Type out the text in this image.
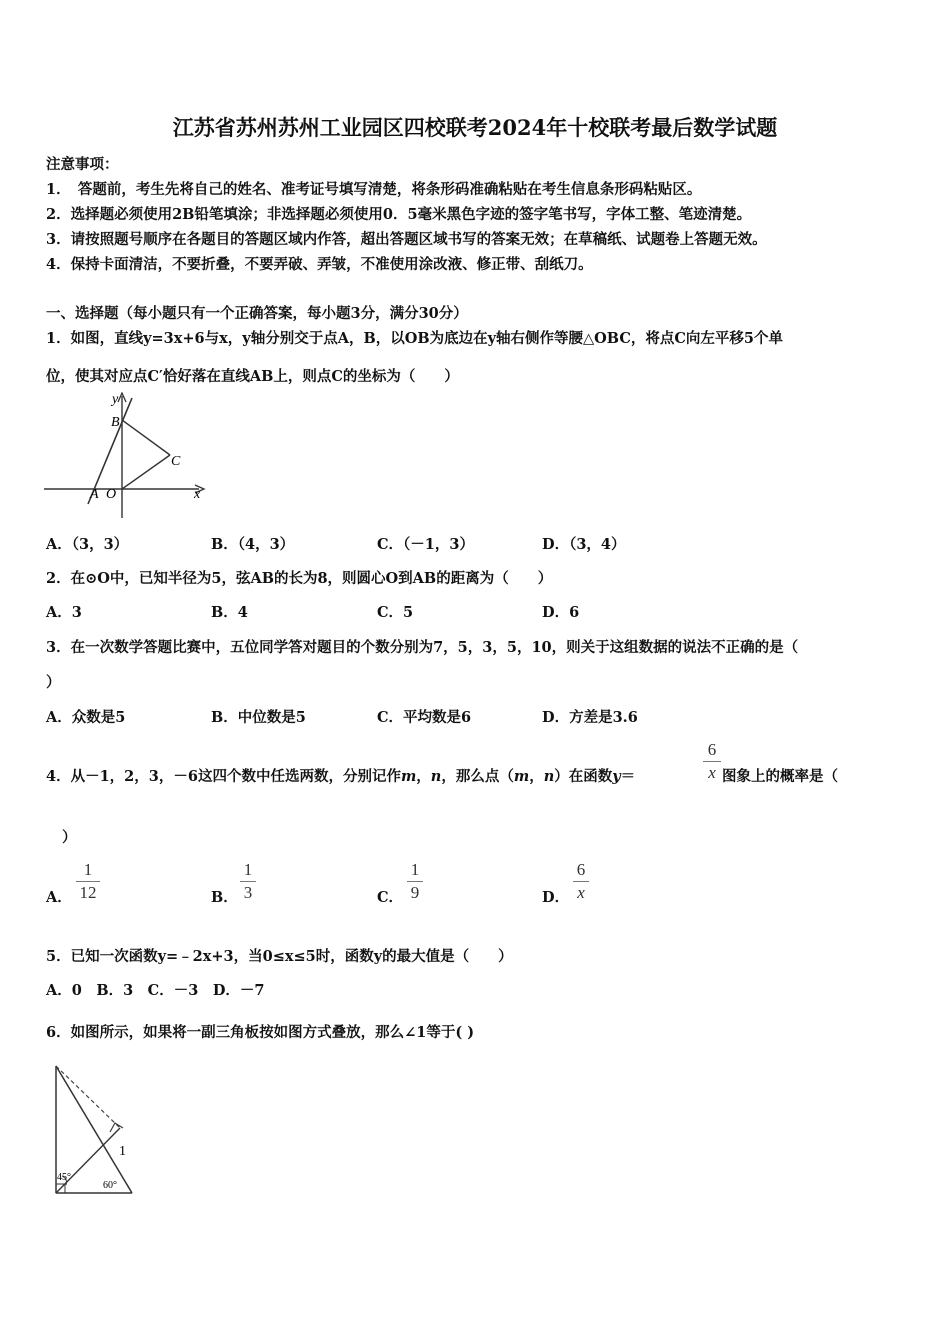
江苏省苏州苏州工业园区四校联考2024年十校联考最后数学试题
注意事项：
1．　答题前，考生先将自己的姓名、准考证号填写清楚，将条形码准确粘贴在考生信息条形码粘贴区。
2．选择题必须使用2B铅笔填涂；非选择题必须使用0．5毫米黑色字迹的签字笔书写，字体工整、笔迹清楚。
3．请按照题号顺序在各题目的答题区域内作答，超出答题区域书写的答案无效；在草稿纸、试题卷上答题无效。
4．保持卡面清洁，不要折叠，不要弄破、弄皱，不准使用涂改液、修正带、刮纸刀。
一、选择题（每小题只有一个正确答案，每小题3分，满分30分）
1．如图，直线y=3x+6与x，y轴分别交于点A，B，以OB为底边在y轴右侧作等腰△OBC，将点C向左平移5个单
位，使其对应点C′恰好落在直线AB上，则点C的坐标为（　　）
y
B
C
A O	x
A．（3，3）	B．（4，3）	C．（－1，3）	D．（3，4）
2．在⊙O中，已知半径为5，弦AB的长为8，则圆心O到AB的距离为（　　）
A．3	B．4	C．5	D．6
3．在一次数学答题比赛中，五位同学答对题目的个数分别为7，5，3，5，10，则关于这组数据的说法不正确的是（
）
A．众数是5	B．中位数是5	C．平均数是6	D．方差是3.6
4．从－1，2，3，－6这四个数中任选两数，分别记作m，n，那么点（m，n）在函数y＝
6
x 图象上的概率是（
）
A．
1
12	B．
1
3	C．
1
9	D．
6
x
5．已知一次函数y=﹣2x+3，当0≤x≤5时，函数y的最大值是（　　）
A．0　B．3　C．－3　D．－7
6．如图所示，如果将一副三角板按如图方式叠放，那么∠1等于( )
1
45°
60°
